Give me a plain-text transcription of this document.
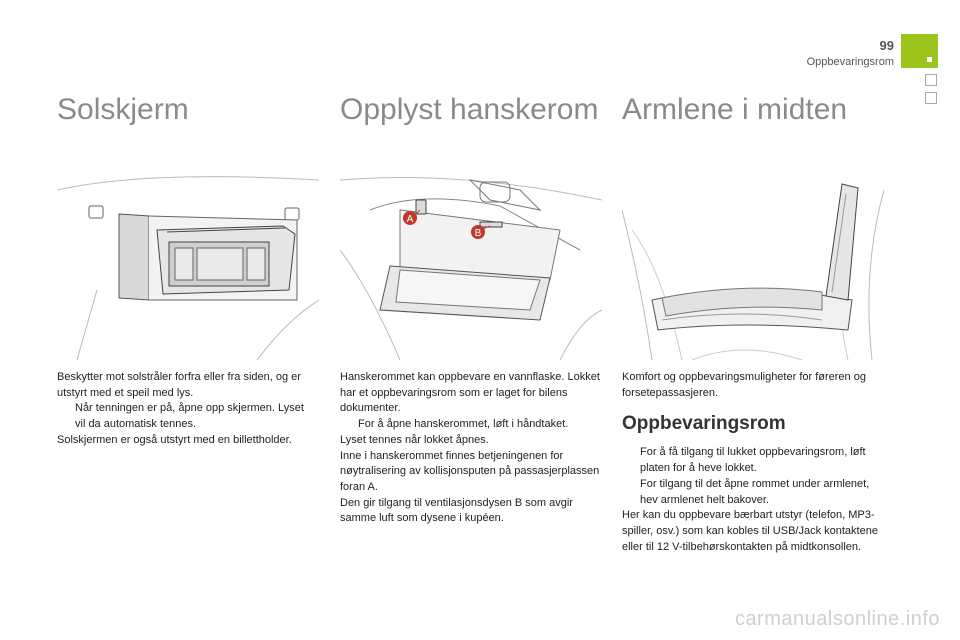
99
Oppbevaringsrom
Solskjerm	Opplyst hanskerom Armlene i midten
A
B

Beskytter mot solstråler forfra eller fra siden, og er utstyrt med et speil med lys.

Når tenningen er på, åpne opp skjermen. Lyset vil da automatisk tennes.

Solskjermen er også utstyrt med en billettholder.

Hanskerommet kan oppbevare en vannflaske. Lokket har et oppbevaringsrom som er laget for bilens dokumenter.

For å åpne hanskerommet, løft i håndtaket.

Lyset tennes når lokket åpnes.

Inne i hanskerommet finnes betjeningenen for nøytralisering av kollisjonsputen på passasjerplassen foran A.

Den gir tilgang til ventilasjonsdysen B som avgir samme luft som dysene i kupéen.

Komfort og oppbevaringsmuligheter for føreren og forsetepassasjeren.

Oppbevaringsrom

For å få tilgang til lukket oppbevaringsrom, løft platen for å heve lokket.

For tilgang til det åpne rommet under armlenet, hev armlenet helt bakover.

Her kan du oppbevare bærbart utstyr (telefon, MP3-spiller, osv.) som kan kobles til USB/Jack kontaktene eller til 12 V-tilbehørskontakten på midtkonsollen.

carmanualsonline.info
